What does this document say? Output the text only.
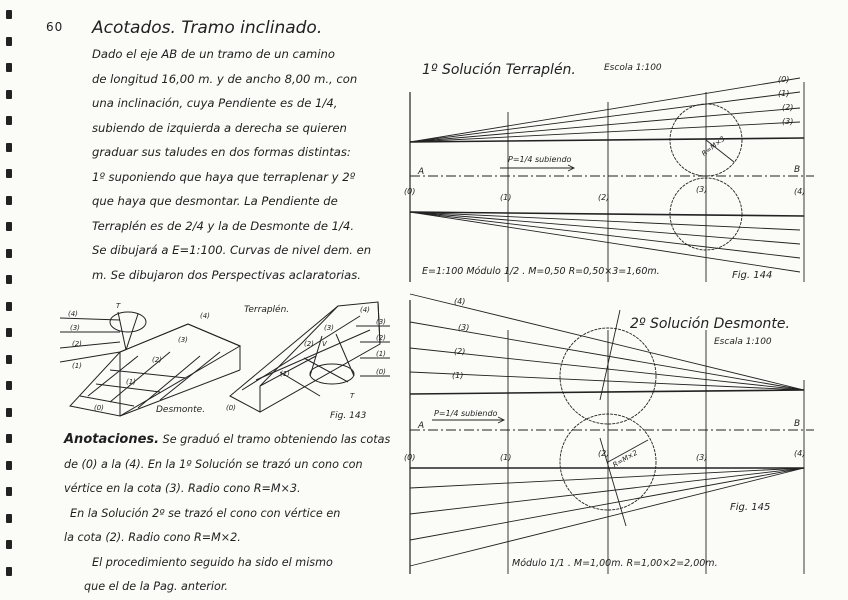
60 Acotados. Tramo inclinado.
Dado el eje AB de un tramo de un camino
de longitud 16,00 m. y de ancho 8,00 m., con
una inclinación, cuya Pendiente es de 1/4,
subiendo de izquierda a derecha se quieren
graduar sus taludes en dos formas distintas:
1º suponiendo que haya que terraplenar y 2º
que haya que desmontar. La Pendiente de
Terraplén es de 2/4 y la de Desmonte de 1/4.
Se dibujará a E=1:100. Curvas de nivel dem. en
m. Se dibujaron dos Perspectivas aclaratorias.
(4)
(3)
(2)
(1)
(0)
(3)
(2)
(1)
(4)
T
Desmonte.
Terraplén.
(3)
(2)
(1)
(0)
(4)
(3)
(2)
(1)
(0)
T
V
Fig. 143
Anotaciones. Se graduó el tramo obteniendo las cotas
de (0) a la (4). En la 1º Solución se trazó un cono con
vértice en la cota (3). Radio cono R=M×3.
En la Solución 2º se trazó el cono con vértice en
la cota (2). Radio cono R=M×2.
El procedimiento seguido ha sido el mismo
que el de la Pag. anterior.
1º Solución Terraplén.	Escola 1:100
P=1/4 subiendo
A	B
(0)
(1)	(2)
(3)	(4)
(0)
(1)
(2)
(3)
R=M×3
E=1:100 Módulo 1/2 . M=0,50 R=0,50×3=1,60m.	Fig. 144
2º Solución Desmonte.
Escala 1:100
P=1/4 subiendo
A	B
(0)	(1)	(2)	(3)	(4)
(4)
(3)
(2)
(1)
R=M×2
Fig. 145
Módulo 1/1 . M=1,00m. R=1,00×2=2,00m.
